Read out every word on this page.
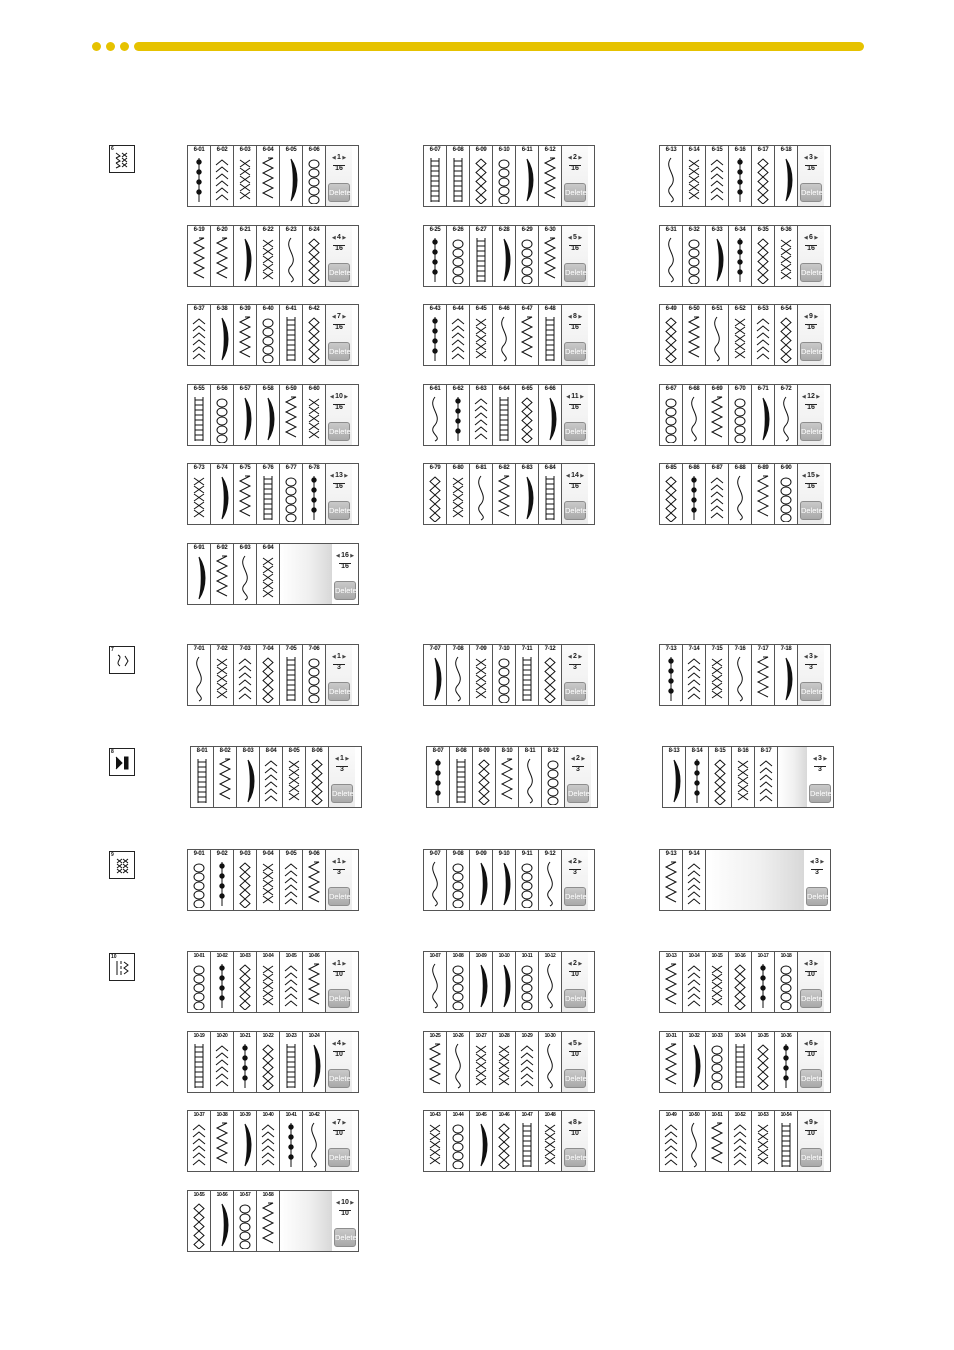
6	6-01	6-02	6-03	6-04	6-05	6-06
◀ 1 ▶
16
Delete
6-07	6-08	6-09	6-10	6-11	6-12
◀ 2 ▶
16
Delete
6-13	6-14	6-15	6-16	6-17	6-18
◀ 3 ▶
16
Delete
6-19	6-20	6-21	6-22	6-23	6-24
◀ 4 ▶
16
Delete
6-25	6-26	6-27	6-28	6-29	6-30
◀ 5 ▶
16
Delete
6-31	6-32	6-33	6-34	6-35	6-36
◀ 6 ▶
16
Delete
6-37	6-38	6-39	6-40	6-41	6-42
◀ 7 ▶
16
Delete
6-43	6-44	6-45	6-46	6-47	6-48
◀ 8 ▶
16
Delete
6-49	6-50	6-51	6-52	6-53	6-54
◀ 9 ▶
16
Delete
6-55	6-56	6-57	6-58	6-59	6-60
◀ 10 ▶
16
Delete
6-61	6-62	6-63	6-64	6-65	6-66
◀ 11 ▶
16
Delete
6-67	6-68	6-69	6-70	6-71	6-72
◀ 12 ▶
16
Delete
6-73	6-74	6-75	6-76	6-77	6-78
◀ 13 ▶
16
Delete
6-79	6-80	6-81	6-82	6-83	6-84
◀ 14 ▶
16
Delete
6-85	6-86	6-87	6-88	6-89	6-90
◀ 15 ▶
16
Delete
6-91	6-92	6-93	6-94
◀ 16 ▶
16
Delete
7	7-01	7-02	7-03	7-04	7-05	7-06
◀ 1 ▶
3
Delete
7-07	7-08	7-09	7-10	7-11	7-12
◀ 2 ▶
3
Delete
7-13	7-14	7-15	7-16	7-17	7-18
◀ 3 ▶
3
Delete
8	8-01	8-02	8-03	8-04	8-05	8-06
◀ 1 ▶
3
Delete
8-07	8-08	8-09	8-10	8-11	8-12
◀ 2 ▶
3
Delete
8-13	8-14	8-15	8-16	8-17
◀ 3 ▶
3
Delete
9	9-01	9-02	9-03	9-04	9-05	9-06
◀ 1 ▶
3
Delete
9-07	9-08	9-09	9-10	9-11	9-12
◀ 2 ▶
3
Delete
9-13	9-14
◀ 3 ▶
3
Delete
10	10-01	10-02	10-03	10-04	10-05	10-06
◀ 1 ▶
10
Delete
10-07	10-08	10-09	10-10	10-11	10-12
◀ 2 ▶
10
Delete
10-13	10-14	10-15	10-16	10-17	10-18
◀ 3 ▶
10
Delete
10-19	10-20	10-21	10-22	10-23	10-24
◀ 4 ▶
10
Delete
10-25	10-26	10-27	10-28	10-29	10-30
◀ 5 ▶
10
Delete
10-31	10-32	10-33	10-34	10-35	10-36
◀ 6 ▶
10
Delete
10-37	10-38	10-39	10-40	10-41	10-42
◀ 7 ▶
10
Delete
10-43	10-44	10-45	10-46	10-47	10-48
◀ 8 ▶
10
Delete
10-49	10-50	10-51	10-52	10-53	10-54
◀ 9 ▶
10
Delete
10-55	10-56	10-57	10-58
◀ 10 ▶
10
Delete
